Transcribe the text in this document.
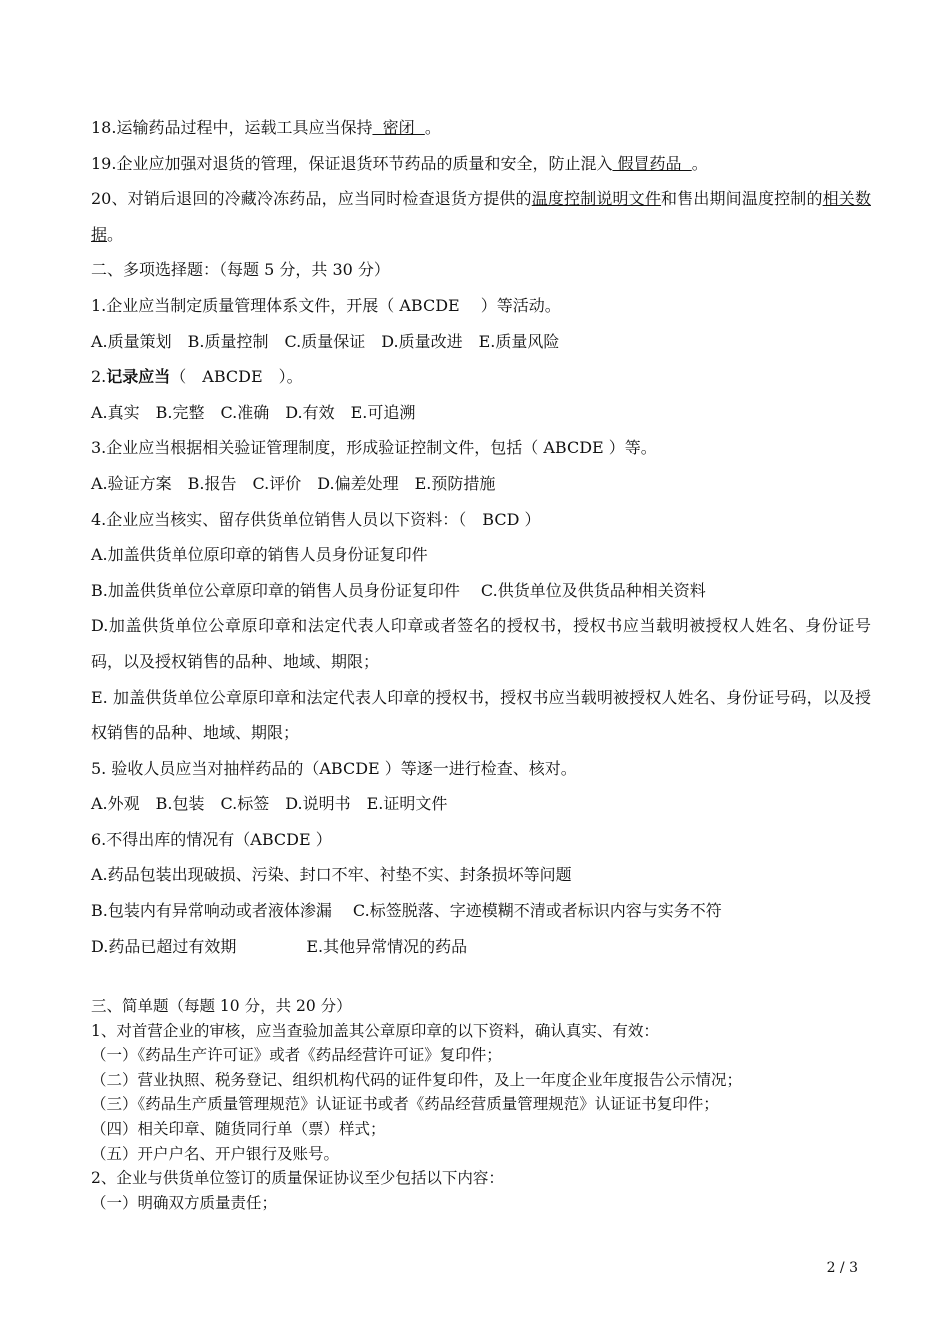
18.运输药品过程中，运载工具应当保持  密闭  。

19.企业应加强对退货的管理，保证退货环节药品的质量和安全，防止混入 假冒药品  。

20、对销后退回的冷藏冷冻药品，应当同时检查退货方提供的温度控制说明文件和售出期间温度控制的相关数据。

二、多项选择题：（每题 5 分，共 30 分）

1.企业应当制定质量管理体系文件，开展（ ABCDE　 ）等活动。

A.质量策划　B.质量控制　C.质量保证　D.质量改进　E.质量风险

2.记录应当（　ABCDE　）。

A.真实　B.完整　C.准确　D.有效　E.可追溯

3.企业应当根据相关验证管理制度，形成验证控制文件，包括（ ABCDE ）等。

A.验证方案　B.报告　C.评价　D.偏差处理　E.预防措施

4.企业应当核实、留存供货单位销售人员以下资料：（　BCD ）

A.加盖供货单位原印章的销售人员身份证复印件

B.加盖供货单位公章原印章的销售人员身份证复印件　 C.供货单位及供货品种相关资料

D.加盖供货单位公章原印章和法定代表人印章或者签名的授权书，授权书应当载明被授权人姓名、身份证号码，以及授权销售的品种、地域、期限；

E. 加盖供货单位公章原印章和法定代表人印章的授权书，授权书应当载明被授权人姓名、身份证号码，以及授权销售的品种、地域、期限；

5. 验收人员应当对抽样药品的（ABCDE ）等逐一进行检查、核对。

A.外观　B.包装　C.标签　D.说明书　E.证明文件

6.不得出库的情况有（ABCDE ）

A.药品包装出现破损、污染、封口不牢、衬垫不实、封条损坏等问题

B.包装内有异常响动或者液体渗漏　 C.标签脱落、字迹模糊不清或者标识内容与实务不符

D.药品已超过有效期	E.其他异常情况的药品

三、简单题（每题 10 分，共 20 分）

1、对首营企业的审核，应当查验加盖其公章原印章的以下资料，确认真实、有效：

（一）《药品生产许可证》或者《药品经营许可证》复印件；

（二）营业执照、税务登记、组织机构代码的证件复印件，及上一年度企业年度报告公示情况；

（三）《药品生产质量管理规范》认证证书或者《药品经营质量管理规范》认证证书复印件；

（四）相关印章、随货同行单（票）样式；

（五）开户户名、开户银行及账号。

2、企业与供货单位签订的质量保证协议至少包括以下内容：

（一）明确双方质量责任；

2 / 3
